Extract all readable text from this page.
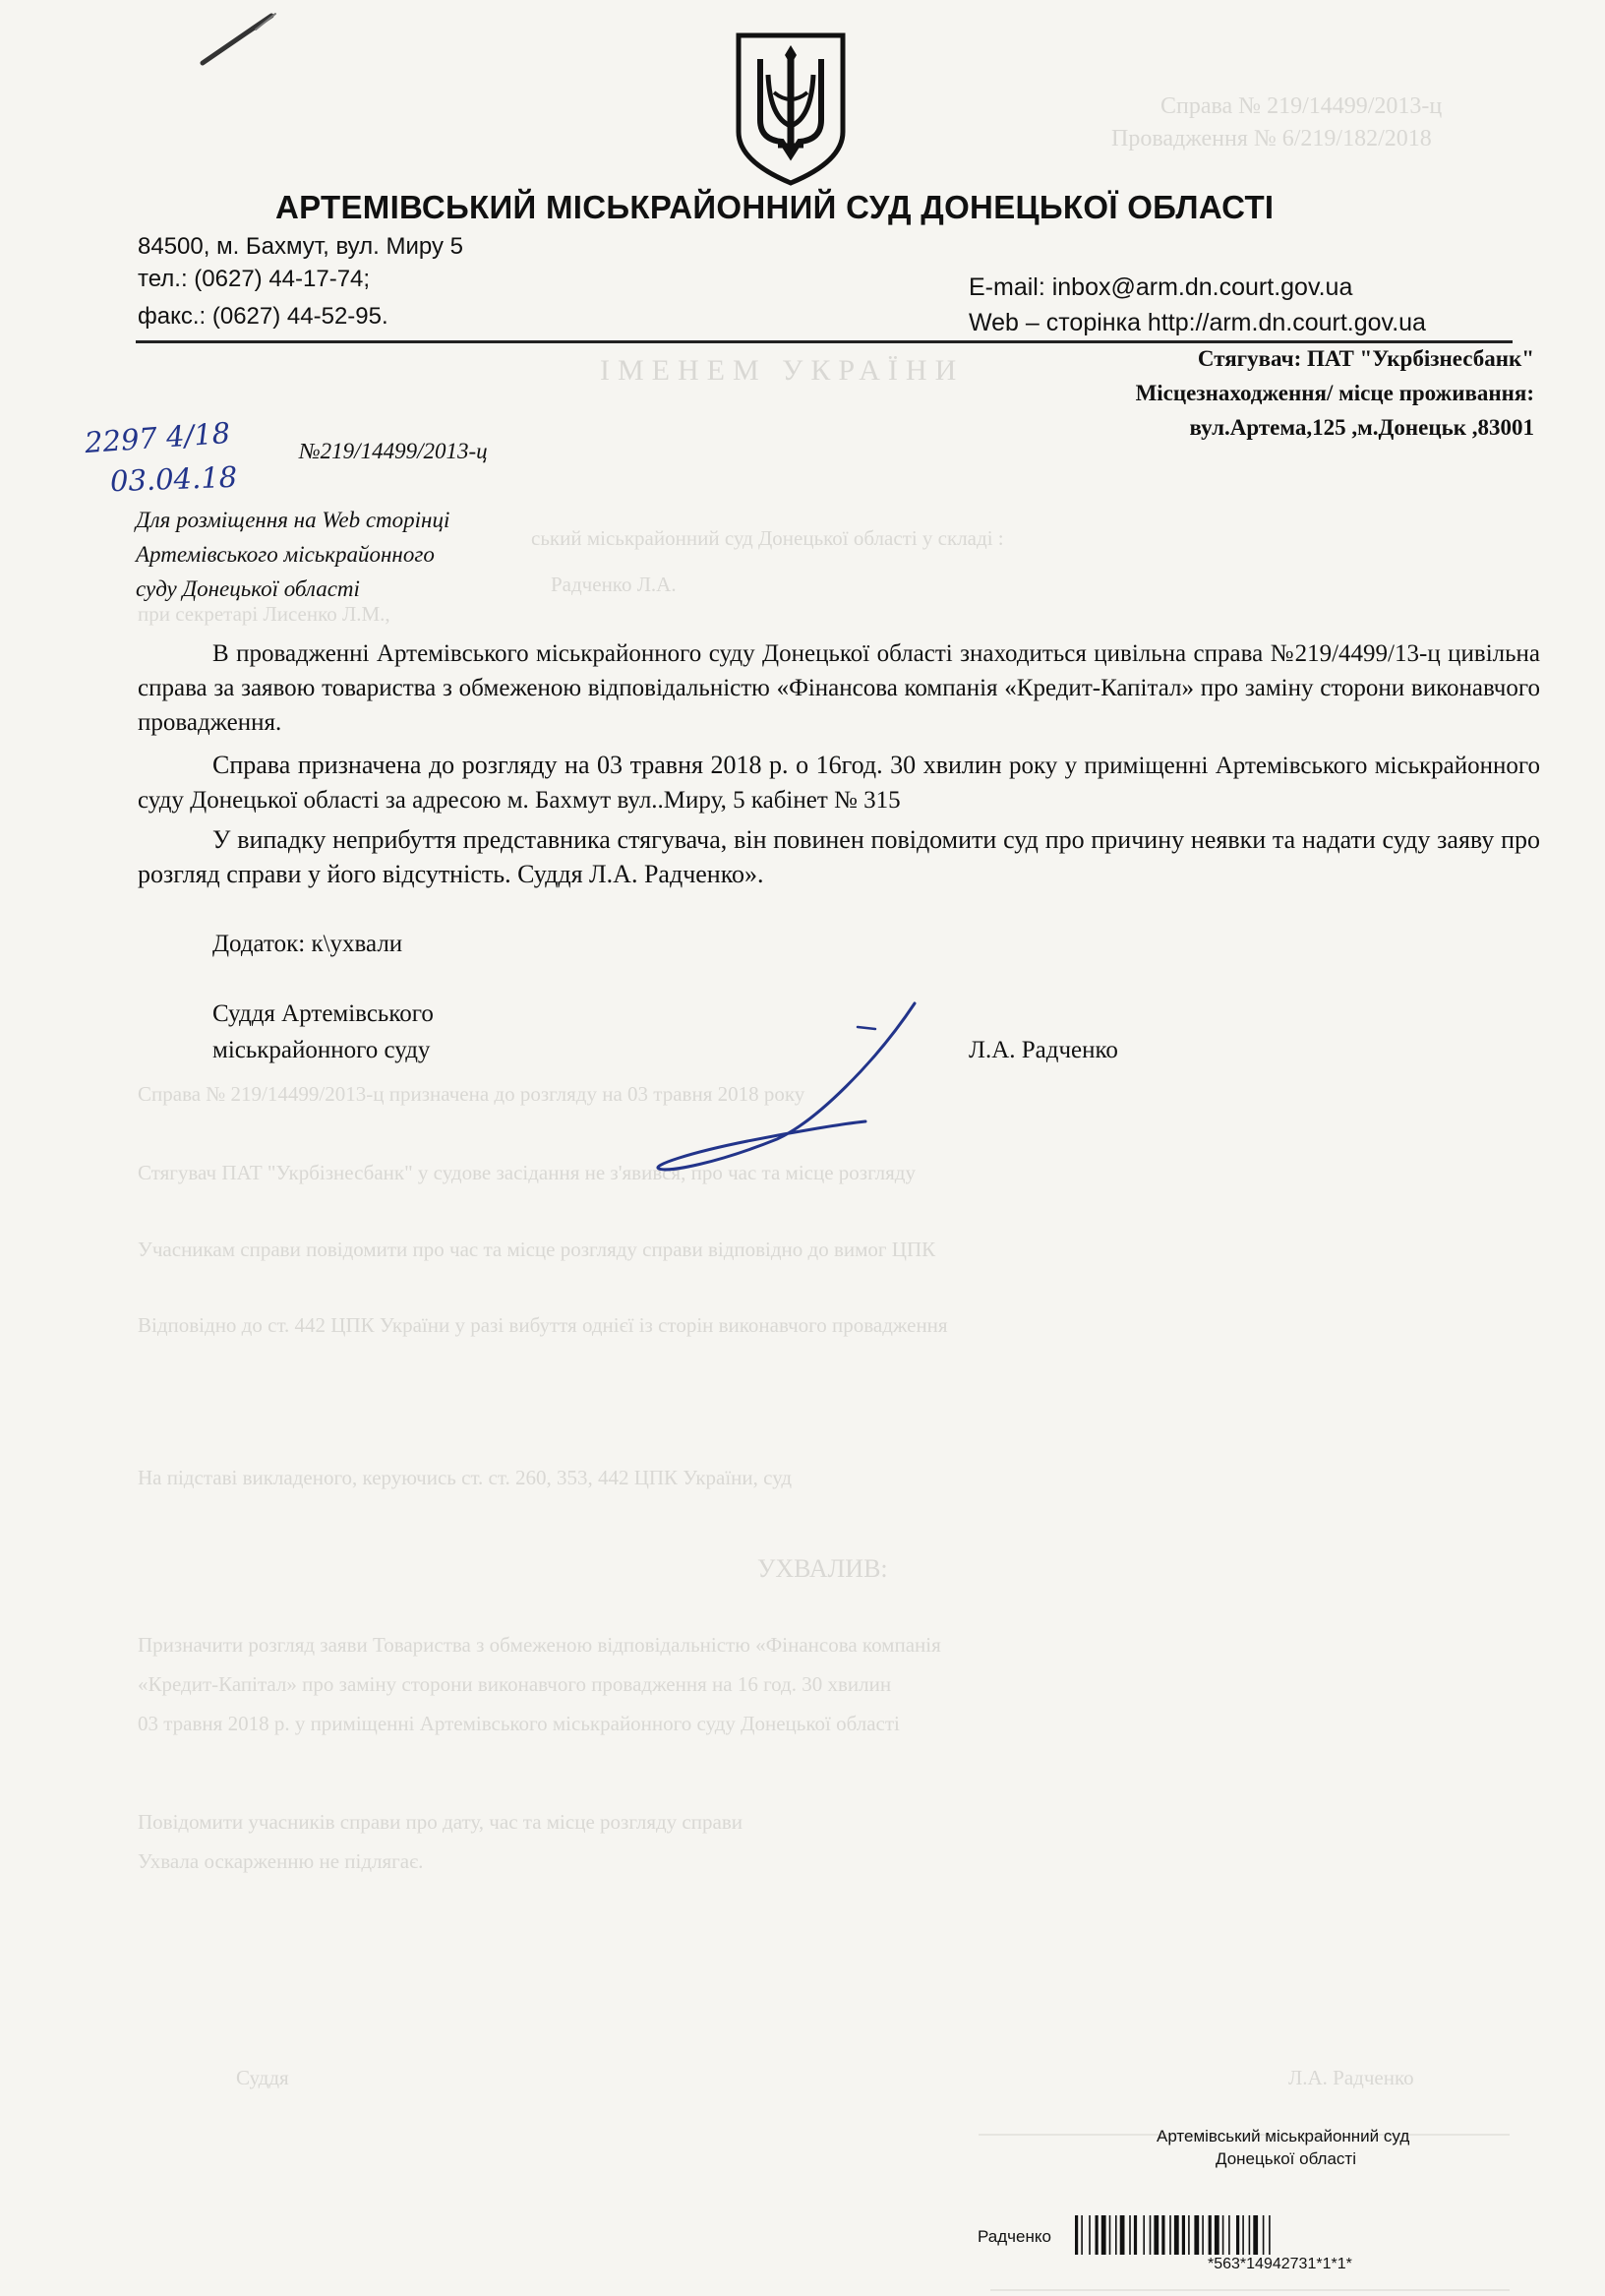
Справа № 219/14499/2013-ц
Провадження № 6/219/182/2018
ІМЕНЕМ УКРАЇНИ
ський міськрайонний суд Донецької області у складі :
Радченко Л.А.
при секретарі Лисенко Л.М.,
Справа № 219/14499/2013-ц призначена до розгляду на 03 травня 2018 року
Стягувач ПАТ "Укрбізнесбанк" у судове засідання не з'явився, про час та місце розгляду
Учасникам справи повідомити про час та місце розгляду справи відповідно до вимог ЦПК
Відповідно до ст. 442 ЦПК України у разі вибуття однієї із сторін виконавчого провадження
На підставі викладеного, керуючись ст. ст. 260, 353, 442 ЦПК України, суд
УХВАЛИВ:
Призначити розгляд заяви Товариства з обмеженою відповідальністю «Фінансова компанія
«Кредит-Капітал» про заміну сторони виконавчого провадження на 16 год. 30 хвилин
03 травня 2018 р. у приміщенні Артемівського міськрайонного суду Донецької області
Повідомити учасників справи про дату, час та місце розгляду справи
Ухвала оскарженню не підлягає.
Л.А. Радченко
Суддя
АРТЕМІВСЬКИЙ МІСЬКРАЙОННИЙ СУД ДОНЕЦЬКОЇ ОБЛАСТІ
84500, м. Бахмут, вул. Миру 5
тел.: (0627) 44-17-74;
факс.: (0627) 44-52-95.
E-mail: inbox@arm.dn.court.gov.ua
Web – сторінка http://arm.dn.court.gov.ua
Стягувач: ПАТ "Укрбізнесбанк"
Місцезнаходження/ місце проживання:
вул.Артема,125 ,м.Донецьк ,83001
2297 4/18
03.04.18
№219/14499/2013-ц
Для розміщення на Web сторінці
Артемівського міськрайонного
суду Донецької області
В провадженні Артемівського міськрайонного суду Донецької області знаходиться цивільна справа №219/4499/13-ц цивільна справа за заявою товариства з обмеженою відповідальністю «Фінансова компанія «Кредит-Капітал» про заміну сторони виконавчого провадження.
Справа призначена до розгляду на 03 травня 2018 р. о 16год. 30 хвилин року у приміщенні Артемівського міськрайонного суду Донецької області за адресою м. Бахмут вул..Миру, 5 кабінет № 315
У випадку неприбуття представника стягувача, він повинен повідомити суд про причину неявки та надати суду заяву про розгляд справи у його відсутність. Суддя Л.А. Радченко».
Додаток: к\ухвали
Суддя Артемівського
міськрайонного суду	Л.А. Радченко
Артемівський міськрайонний суд
Донецької області
Радченко
*563*14942731*1*1*
